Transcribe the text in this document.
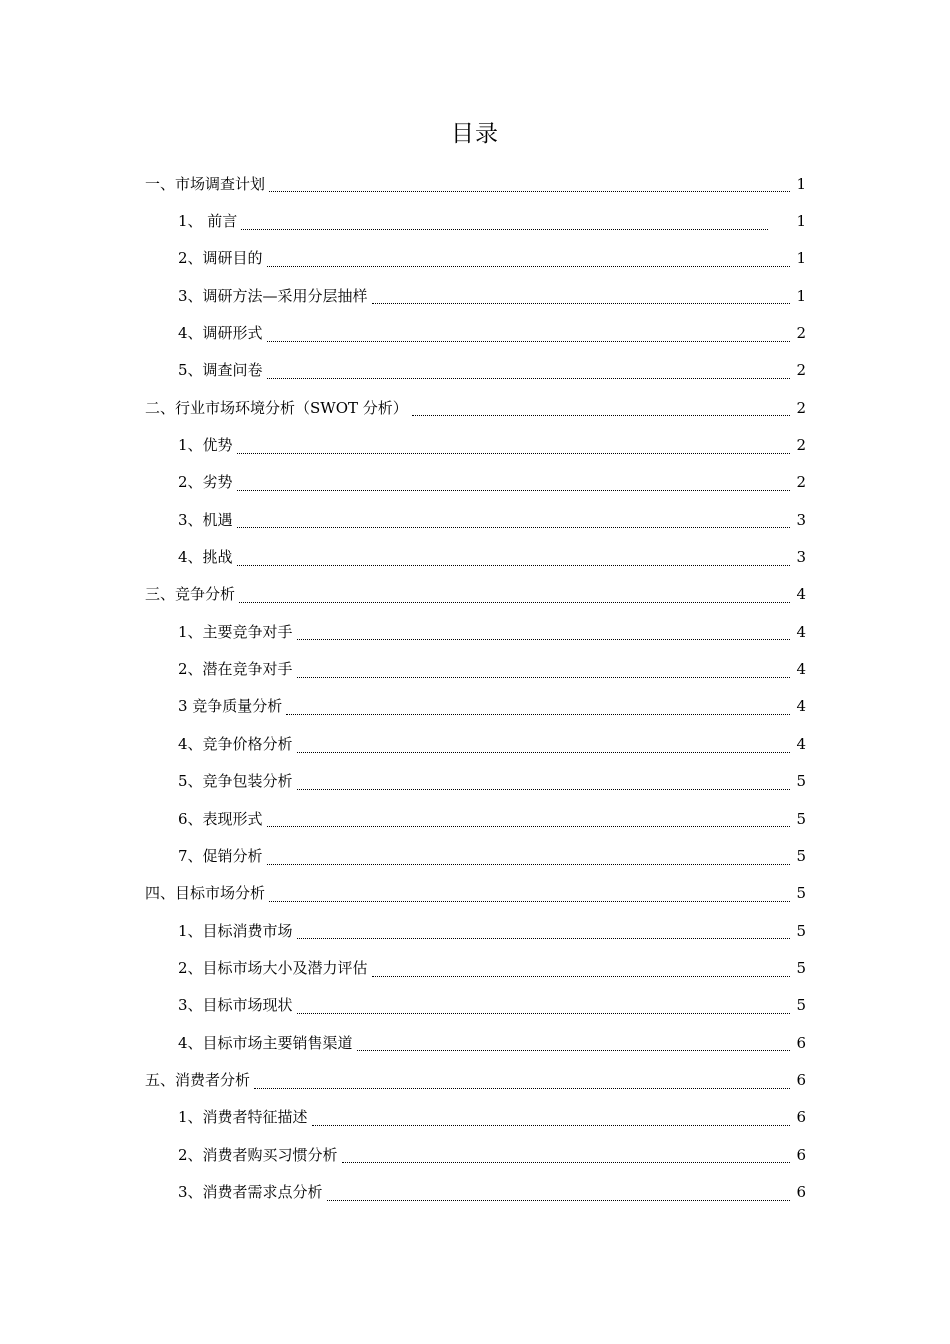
目录
一、市场调查计划	1
1、 前言	1
2、调研目的	1
3、调研方法—采用分层抽样	1
4、调研形式	2
5、调查问卷	2
二、行业市场环境分析（SWOT 分析）	2
1、优势	2
2、劣势	2
3、机遇	3
4、挑战	3
三、竞争分析	4
1、主要竞争对手	4
2、潜在竞争对手	4
3 竞争质量分析	4
4、竞争价格分析	4
5、竞争包装分析	5
6、表现形式	5
7、促销分析	5
四、目标市场分析	5
1、目标消费市场	5
2、目标市场大小及潜力评估	5
3、目标市场现状	5
4、目标市场主要销售渠道	6
五、消费者分析	6
1、消费者特征描述	6
2、消费者购买习惯分析	6
3、消费者需求点分析	6
